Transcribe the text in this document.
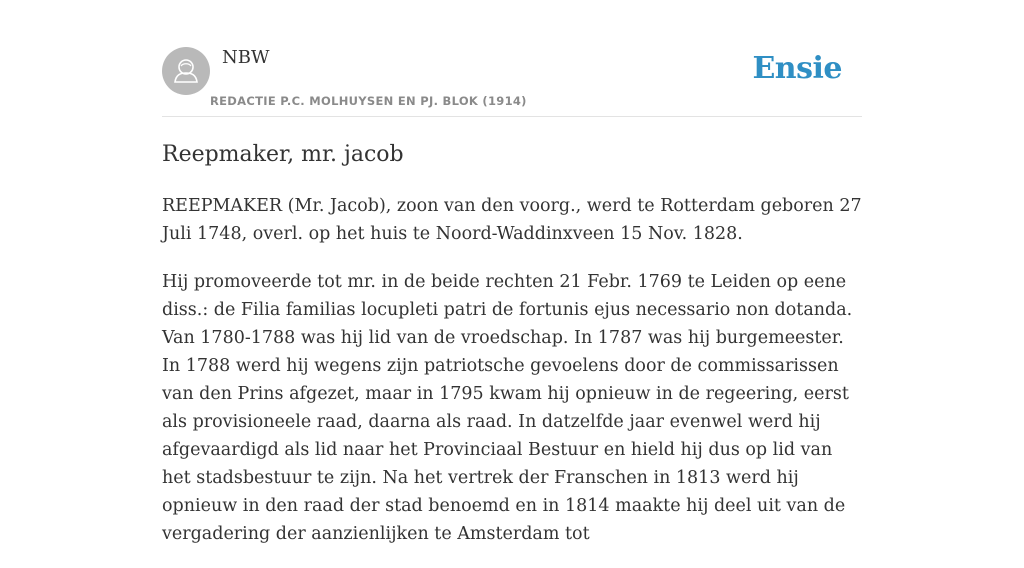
NBW
REDACTIE P.C. MOLHUYSEN EN PJ. BLOK (1914)
Ensie
Reepmaker, mr. jacob

REEPMAKER (Mr. Jacob), zoon van den voorg., werd te Rotterdam geboren 27 Juli 1748, overl. op het huis te Noord-Waddinxveen 15 Nov. 1828.

Hij promoveerde tot mr. in de beide rechten 21 Febr. 1769 te Leiden op eene diss.: de Filia familias locupleti patri de fortunis ejus necessario non dotanda. Van 1780-1788 was hij lid van de vroedschap. In 1787 was hij burgemeester. In 1788 werd hij wegens zijn patriotsche gevoelens door de commissarissen van den Prins afgezet, maar in 1795 kwam hij opnieuw in de regeering, eerst als provisioneele raad, daarna als raad. In datzelfde jaar evenwel werd hij afgevaardigd als lid naar het Provinciaal Bestuur en hield hij dus op lid van het stadsbestuur te zijn. Na het vertrek der Franschen in 1813 werd hij opnieuw in den raad der stad benoemd en in 1814 maakte hij deel uit van de vergadering der aanzienlijken te Amsterdam tot
